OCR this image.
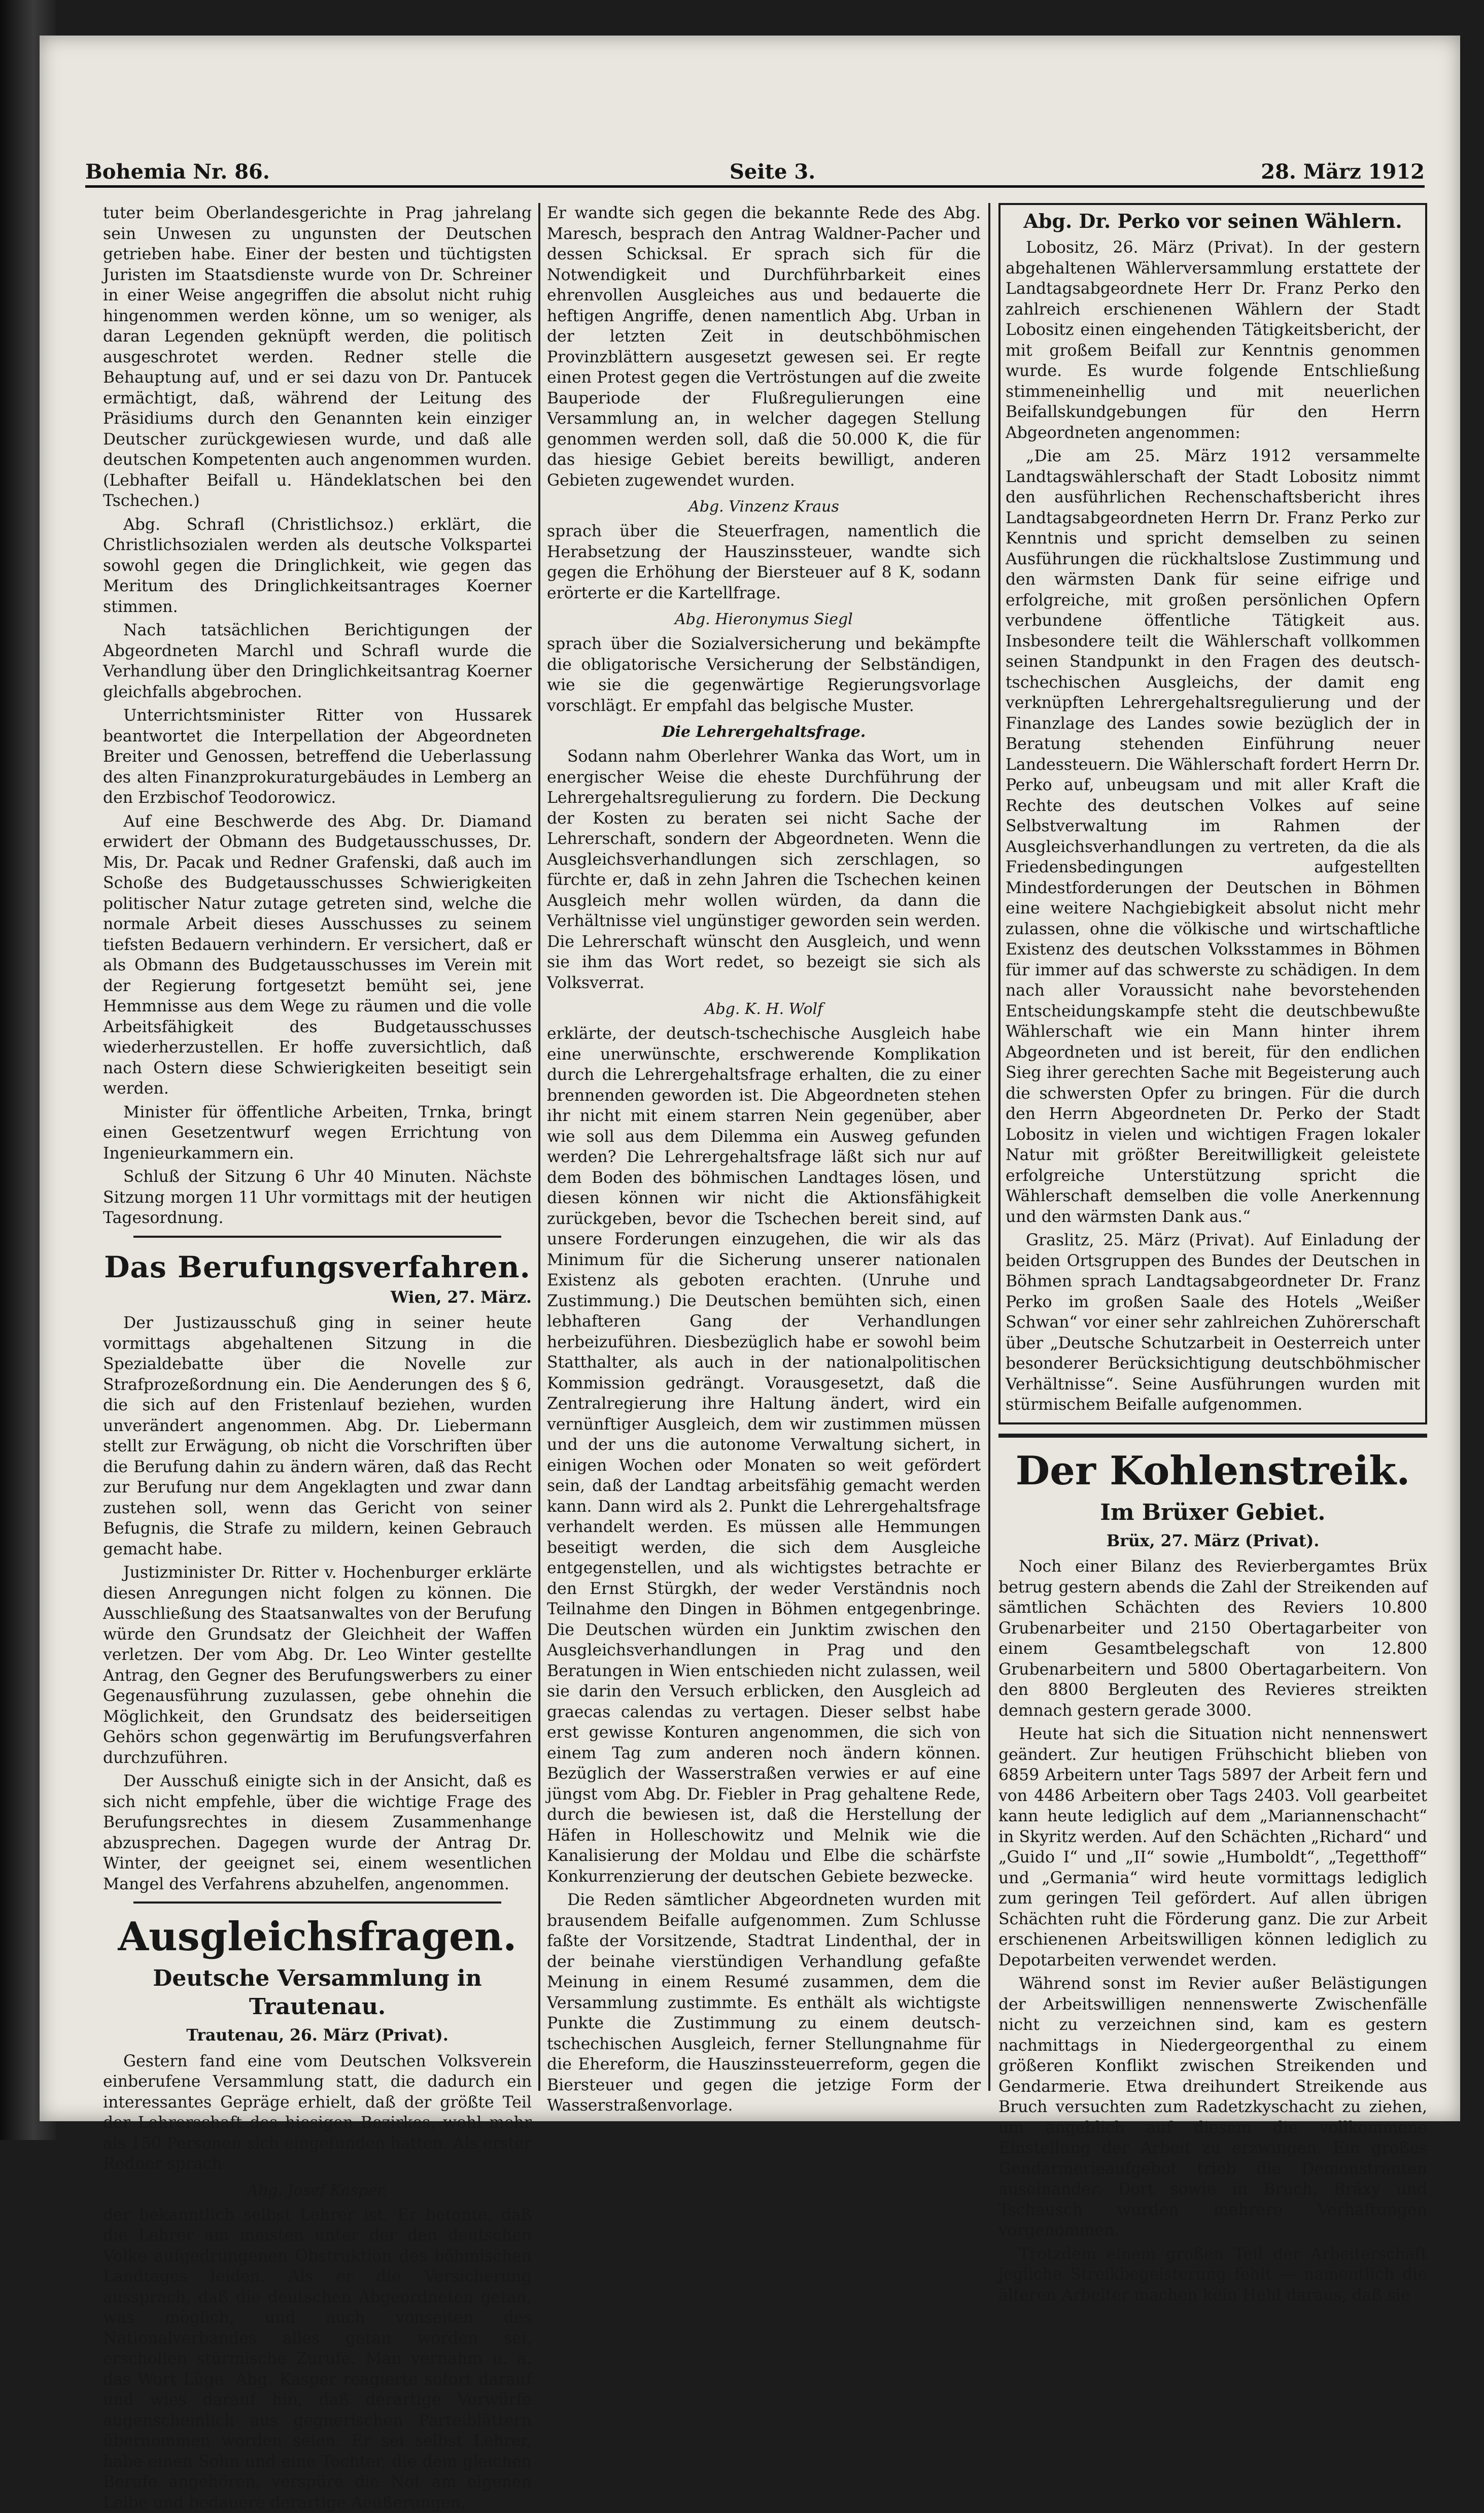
Bohemia Nr. 86.	Seite 3.	28. März 1912

tuter beim Oberlandesgerichte in Prag jahrelang sein Unwesen zu ungunsten der Deutschen getrieben habe. Einer der besten und tüchtigsten Juristen im Staatsdienste wurde von Dr. Schreiner in einer Weise angegriffen die absolut nicht ruhig hingenommen werden könne, um so weniger, als daran Legenden geknüpft werden, die politisch ausgeschrotet werden. Redner stelle die Behauptung auf, und er sei dazu von Dr. Pantucek ermächtigt, daß, während der Leitung des Präsidiums durch den Genannten kein einziger Deutscher zurückgewiesen wurde, und daß alle deutschen Kompetenten auch angenommen wurden. (Lebhafter Beifall u. Händeklatschen bei den Tschechen.)

Abg. Schrafl (Christlichsoz.) erklärt, die Christlichsozialen werden als deutsche Volkspartei sowohl gegen die Dringlichkeit, wie gegen das Meritum des Dringlichkeitsantrages Koerner stimmen.

Nach tatsächlichen Berichtigungen der Abgeordneten Marchl und Schrafl wurde die Verhandlung über den Dringlichkeitsantrag Koerner gleichfalls abgebrochen.

Unterrichtsminister Ritter von Hussarek beantwortet die Interpellation der Abgeordneten Breiter und Genossen, betreffend die Ueberlassung des alten Finanzprokuraturgebäudes in Lemberg an den Erzbischof Teodorowicz.

Auf eine Beschwerde des Abg. Dr. Diamand erwidert der Obmann des Budgetausschusses, Dr. Mis, Dr. Pacak und Redner Grafenski, daß auch im Schoße des Budgetausschusses Schwierigkeiten politischer Natur zutage getreten sind, welche die normale Arbeit dieses Ausschusses zu seinem tiefsten Bedauern verhindern. Er versichert, daß er als Obmann des Budgetausschusses im Verein mit der Regierung fortgesetzt bemüht sei, jene Hemmnisse aus dem Wege zu räumen und die volle Arbeitsfähigkeit des Budgetausschusses wiederherzustellen. Er hoffe zuversichtlich, daß nach Ostern diese Schwierigkeiten beseitigt sein werden.

Minister für öffentliche Arbeiten, Trnka, bringt einen Gesetzentwurf wegen Errichtung von Ingenieurkammern ein.

Schluß der Sitzung 6 Uhr 40 Minuten. Nächste Sitzung morgen 11 Uhr vormittags mit der heutigen Tagesordnung.

Das Berufungsverfahren.

Wien, 27. März.

Der Justizausschuß ging in seiner heute vormittags abgehaltenen Sitzung in die Spezialdebatte über die Novelle zur Strafprozeßordnung ein. Die Aenderungen des § 6, die sich auf den Fristenlauf beziehen, wurden unverändert angenommen. Abg. Dr. Liebermann stellt zur Erwägung, ob nicht die Vorschriften über die Berufung dahin zu ändern wären, daß das Recht zur Berufung nur dem Angeklagten und zwar dann zustehen soll, wenn das Gericht von seiner Befugnis, die Strafe zu mildern, keinen Gebrauch gemacht habe.

Justizminister Dr. Ritter v. Hochenburger erklärte diesen Anregungen nicht folgen zu können. Die Ausschließung des Staatsanwaltes von der Berufung würde den Grundsatz der Gleichheit der Waffen verletzen. Der vom Abg. Dr. Leo Winter gestellte Antrag, den Gegner des Berufungswerbers zu einer Gegenausführung zuzulassen, gebe ohnehin die Möglichkeit, den Grundsatz des beiderseitigen Gehörs schon gegenwärtig im Berufungsverfahren durchzuführen.

Der Ausschuß einigte sich in der Ansicht, daß es sich nicht empfehle, über die wichtige Frage des Berufungsrechtes in diesem Zusammenhange abzusprechen. Dagegen wurde der Antrag Dr. Winter, der geeignet sei, einem wesentlichen Mangel des Verfahrens abzuhelfen, angenommen.

Ausgleichsfragen.

Deutsche Versammlung in Trautenau.

Trautenau, 26. März (Privat).

Gestern fand eine vom Deutschen Volksverein einberufene Versammlung statt, die dadurch ein interessantes Gepräge erhielt, daß der größte Teil der Lehrerschaft des hiesigen Bezirkes, wohl mehr als 150 Personen sich eingefunden hatten. Als erster Redner sprach

Abg. Josef Kasper,

der bekanntlich selbst Lehrer ist. Er betonte, daß die Lehrer am meisten unter der den deutschen Volke aufgedrungenen Obstruktion des böhmischen Landtages leiden. Als er die Versicherung aussprach, daß die deutschen Abgeordneten getan, was möglich, und auch vonseiten des Nationalverbandes alles getan worden sei, erschollen stürmische Zurufe. Man vernahm u. a. das Wort Lüge. Abg. Kasper reagierte sofort darauf und wies darauf hin, daß derartige Vorwürfe augenscheinlich aus gegnerischen Parteiblättern übernommen worden seien. Er sei selbst Lehrer, habe einen Sohn und eine Tochter, die dem gleichen Berufe angehören, verspüre die Not am eigenen Leibe und bedauere derartige Aeußerungen,

Er wandte sich gegen die bekannte Rede des Abg. Maresch, besprach den Antrag Waldner-Pacher und dessen Schicksal. Er sprach sich für die Notwendigkeit und Durchführbarkeit eines ehrenvollen Ausgleiches aus und bedauerte die heftigen Angriffe, denen namentlich Abg. Urban in der letzten Zeit in deutschböhmischen Provinzblättern ausgesetzt gewesen sei. Er regte einen Protest gegen die Vertröstungen auf die zweite Bauperiode der Flußregulierungen eine Versammlung an, in welcher dagegen Stellung genommen werden soll, daß die 50.000 K, die für das hiesige Gebiet bereits bewilligt, anderen Gebieten zugewendet wurden.

Abg. Vinzenz Kraus

sprach über die Steuerfragen, namentlich die Herabsetzung der Hauszinssteuer, wandte sich gegen die Erhöhung der Biersteuer auf 8 K, sodann erörterte er die Kartellfrage.

Abg. Hieronymus Siegl

sprach über die Sozialversicherung und bekämpfte die obligatorische Versicherung der Selbständigen, wie sie die gegenwärtige Regierungsvorlage vorschlägt. Er empfahl das belgische Muster.

Die Lehrergehaltsfrage.

Sodann nahm Oberlehrer Wanka das Wort, um in energischer Weise die eheste Durchführung der Lehrergehaltsregulierung zu fordern. Die Deckung der Kosten zu beraten sei nicht Sache der Lehrerschaft, sondern der Abgeordneten. Wenn die Ausgleichsverhandlungen sich zerschlagen, so fürchte er, daß in zehn Jahren die Tschechen keinen Ausgleich mehr wollen würden, da dann die Verhältnisse viel ungünstiger geworden sein werden. Die Lehrerschaft wünscht den Ausgleich, und wenn sie ihm das Wort redet, so bezeigt sie sich als Volksverrat.

Abg. K. H. Wolf

erklärte, der deutsch-tschechische Ausgleich habe eine unerwünschte, erschwerende Komplikation durch die Lehrergehaltsfrage erhalten, die zu einer brennenden geworden ist. Die Abgeordneten stehen ihr nicht mit einem starren Nein gegenüber, aber wie soll aus dem Dilemma ein Ausweg gefunden werden? Die Lehrergehaltsfrage läßt sich nur auf dem Boden des böhmischen Landtages lösen, und diesen können wir nicht die Aktionsfähigkeit zurückgeben, bevor die Tschechen bereit sind, auf unsere Forderungen einzugehen, die wir als das Minimum für die Sicherung unserer nationalen Existenz als geboten erachten. (Unruhe und Zustimmung.) Die Deutschen bemühten sich, einen lebhafteren Gang der Verhandlungen herbeizuführen. Diesbezüglich habe er sowohl beim Statthalter, als auch in der nationalpolitischen Kommission gedrängt. Vorausgesetzt, daß die Zentralregierung ihre Haltung ändert, wird ein vernünftiger Ausgleich, dem wir zustimmen müssen und der uns die autonome Verwaltung sichert, in einigen Wochen oder Monaten so weit gefördert sein, daß der Landtag arbeitsfähig gemacht werden kann. Dann wird als 2. Punkt die Lehrergehaltsfrage verhandelt werden. Es müssen alle Hemmungen beseitigt werden, die sich dem Ausgleiche entgegenstellen, und als wichtigstes betrachte er den Ernst Stürgkh, der weder Verständnis noch Teilnahme den Dingen in Böhmen entgegenbringe. Die Deutschen würden ein Junktim zwischen den Ausgleichsverhandlungen in Prag und den Beratungen in Wien entschieden nicht zulassen, weil sie darin den Versuch erblicken, den Ausgleich ad graecas calendas zu vertagen. Dieser selbst habe erst gewisse Konturen angenommen, die sich von einem Tag zum anderen noch ändern können. Bezüglich der Wasserstraßen verwies er auf eine jüngst vom Abg. Dr. Fiebler in Prag gehaltene Rede, durch die bewiesen ist, daß die Herstellung der Häfen in Holleschowitz und Melnik wie die Kanalisierung der Moldau und Elbe die schärfste Konkurrenzierung der deutschen Gebiete bezwecke.

Die Reden sämtlicher Abgeordneten wurden mit brausendem Beifalle aufgenommen. Zum Schlusse faßte der Vorsitzende, Stadtrat Lindenthal, der in der beinahe vierstündigen Verhandlung gefaßte Meinung in einem Resumé zusammen, dem die Versammlung zustimmte. Es enthält als wichtigste Punkte die Zustimmung zu einem deutsch-tschechischen Ausgleich, ferner Stellungnahme für die Ehereform, die Hauszinssteuerreform, gegen die Biersteuer und gegen die jetzige Form der Wasserstraßenvorlage.

Abg. Dr. Perko vor seinen Wählern.

Lobositz, 26. März (Privat). In der gestern abgehaltenen Wählerversammlung erstattete der Landtagsabgeordnete Herr Dr. Franz Perko den zahlreich erschienenen Wählern der Stadt Lobositz einen eingehenden Tätigkeitsbericht, der mit großem Beifall zur Kenntnis genommen wurde. Es wurde folgende Entschließung stimmeneinhellig und mit neuerlichen Beifallskundgebungen für den Herrn Abgeordneten angenommen:

„Die am 25. März 1912 versammelte Landtagswählerschaft der Stadt Lobositz nimmt den ausführlichen Rechenschaftsbericht ihres Landtagsabgeordneten Herrn Dr. Franz Perko zur Kenntnis und spricht demselben zu seinen Ausführungen die rückhaltslose Zustimmung und den wärmsten Dank für seine eifrige und erfolgreiche, mit großen persönlichen Opfern verbundene öffentliche Tätigkeit aus. Insbesondere teilt die Wählerschaft vollkommen seinen Standpunkt in den Fragen des deutsch-tschechischen Ausgleichs, der damit eng verknüpften Lehrergehaltsregulierung und der Finanzlage des Landes sowie bezüglich der in Beratung stehenden Einführung neuer Landessteuern. Die Wählerschaft fordert Herrn Dr. Perko auf, unbeugsam und mit aller Kraft die Rechte des deutschen Volkes auf seine Selbstverwaltung im Rahmen der Ausgleichsverhandlungen zu vertreten, da die als Friedensbedingungen aufgestellten Mindestforderungen der Deutschen in Böhmen eine weitere Nachgiebigkeit absolut nicht mehr zulassen, ohne die völkische und wirtschaftliche Existenz des deutschen Volksstammes in Böhmen für immer auf das schwerste zu schädigen. In dem nach aller Voraussicht nahe bevorstehenden Entscheidungskampfe steht die deutschbewußte Wählerschaft wie ein Mann hinter ihrem Abgeordneten und ist bereit, für den endlichen Sieg ihrer gerechten Sache mit Begeisterung auch die schwersten Opfer zu bringen. Für die durch den Herrn Abgeordneten Dr. Perko der Stadt Lobositz in vielen und wichtigen Fragen lokaler Natur mit größter Bereitwilligkeit geleistete erfolgreiche Unterstützung spricht die Wählerschaft demselben die volle Anerkennung und den wärmsten Dank aus.“

Graslitz, 25. März (Privat). Auf Einladung der beiden Ortsgruppen des Bundes der Deutschen in Böhmen sprach Landtagsabgeordneter Dr. Franz Perko im großen Saale des Hotels „Weißer Schwan“ vor einer sehr zahlreichen Zuhörerschaft über „Deutsche Schutzarbeit in Oesterreich unter besonderer Berücksichtigung deutschböhmischer Verhältnisse“. Seine Ausführungen wurden mit stürmischem Beifalle aufgenommen.

Der Kohlenstreik.

Im Brüxer Gebiet.

Brüx, 27. März (Privat).

Noch einer Bilanz des Revierbergamtes Brüx betrug gestern abends die Zahl der Streikenden auf sämtlichen Schächten des Reviers 10.800 Grubenarbeiter und 2150 Obertagarbeiter von einem Gesamtbelegschaft von 12.800 Grubenarbeitern und 5800 Obertagarbeitern. Von den 8800 Bergleuten des Revieres streikten demnach gestern gerade 3000.

Heute hat sich die Situation nicht nennenswert geändert. Zur heutigen Frühschicht blieben von 6859 Arbeitern unter Tags 5897 der Arbeit fern und von 4486 Arbeitern ober Tags 2403. Voll gearbeitet kann heute lediglich auf dem „Mariannenschacht“ in Skyritz werden. Auf den Schächten „Richard“ und „Guido I“ und „II“ sowie „Humboldt“, „Tegetthoff“ und „Germania“ wird heute vormittags lediglich zum geringen Teil gefördert. Auf allen übrigen Schächten ruht die Förderung ganz. Die zur Arbeit erschienenen Arbeitswilligen können lediglich zu Depotarbeiten verwendet werden.

Während sonst im Revier außer Belästigungen der Arbeitswilligen nennenswerte Zwischenfälle nicht zu verzeichnen sind, kam es gestern nachmittags in Niedergeorgenthal zu einem größeren Konflikt zwischen Streikenden und Gendarmerie. Etwa dreihundert Streikende aus Bruch versuchten zum Radetzkyschacht zu ziehen, um angeblich auf diesem die vollkommene Einstellung der Arbeit zu erzwingen. Ein großes Gendarmerieaufgebot trieb die Demonstranten auseinander. Dort sowie in Bruch, Bräxy und Tschausch wurden mehrere Verhaftungen vorgenommen.

Trotzdem einem großen Teil der Arbeiterschaft jegliche Streikbegeisterung fehlt — namentlich die älteren Arbeiter machen kein Hehl daraus, daß sie
